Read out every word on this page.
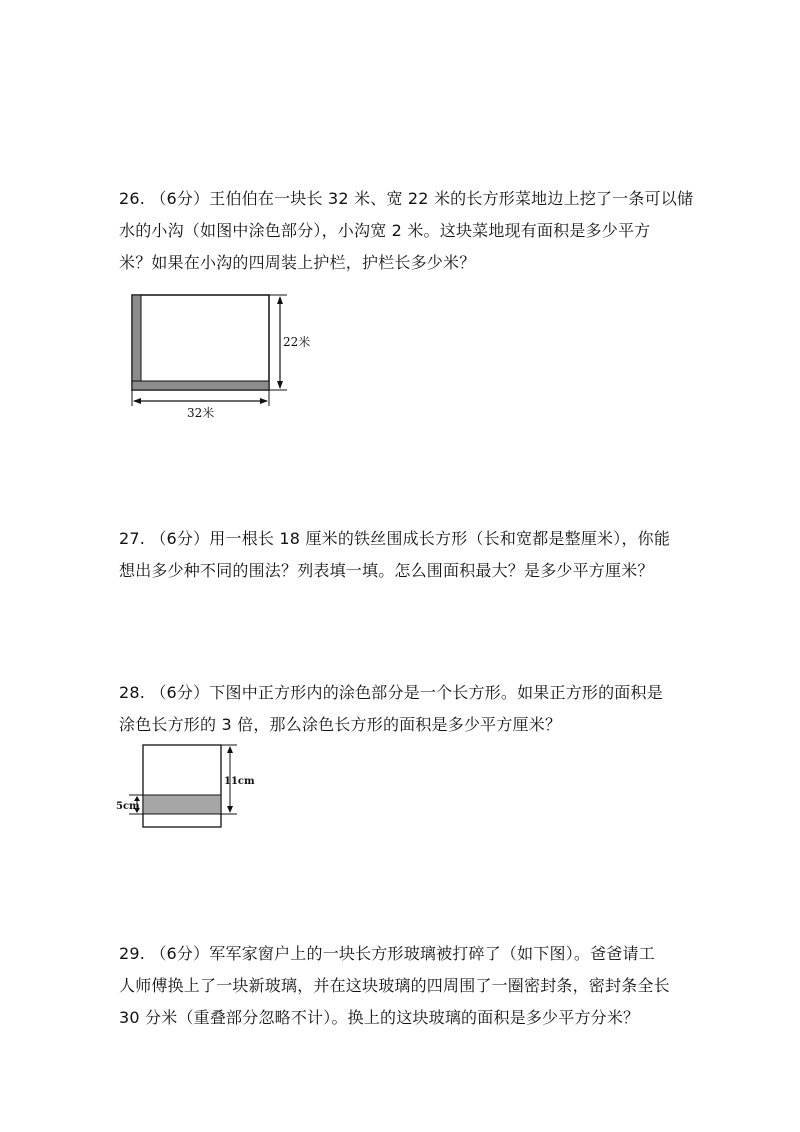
26. （6分）王伯伯在一块长 32 米、宽 22 米的长方形菜地边上挖了一条可以储
水的小沟（如图中涂色部分），小沟宽 2 米。这块菜地现有面积是多少平方
米？如果在小沟的四周装上护栏，护栏长多少米？
22米
32米
27. （6分）用一根长 18 厘米的铁丝围成长方形（长和宽都是整厘米），你能
想出多少种不同的围法？列表填一填。怎么围面积最大？是多少平方厘米？
28. （6分）下图中正方形内的涂色部分是一个长方形。如果正方形的面积是
涂色长方形的 3 倍，那么涂色长方形的面积是多少平方厘米？
11cm
5cm
29. （6分）军军家窗户上的一块长方形玻璃被打碎了（如下图）。爸爸请工
人师傅换上了一块新玻璃，并在这块玻璃的四周围了一圈密封条，密封条全长
30 分米（重叠部分忽略不计）。换上的这块玻璃的面积是多少平方分米？
